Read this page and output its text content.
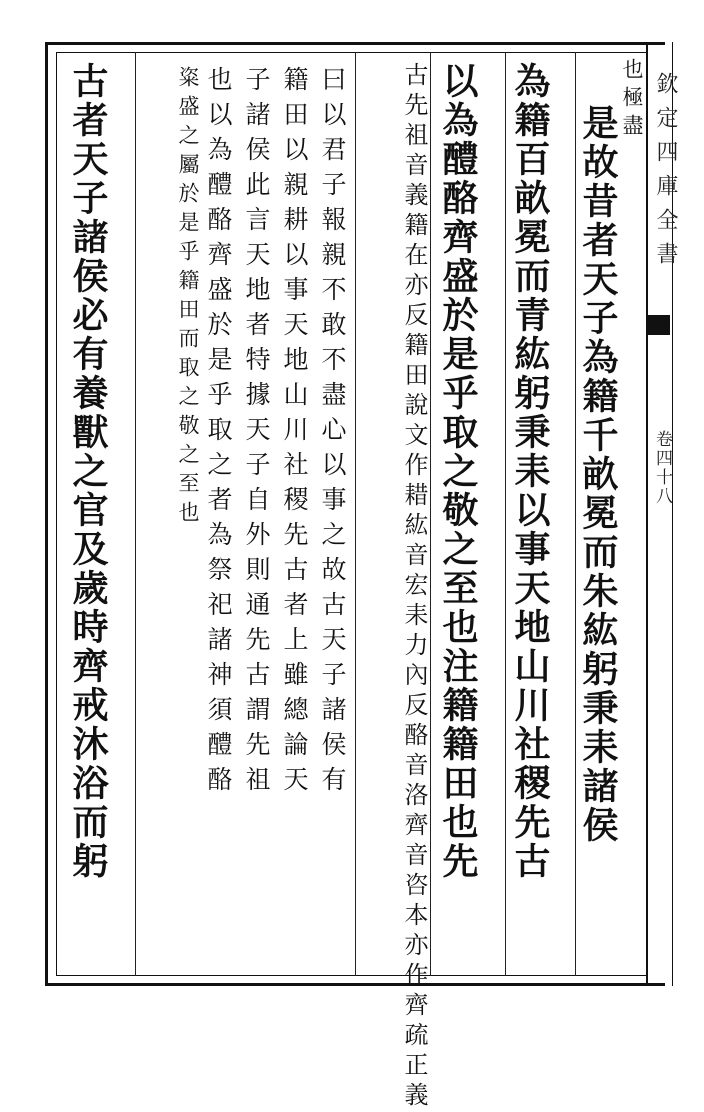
欽定四庫全書
卷四十八
也極盡
是故昔者天子為籍千畝冕而朱紘躬秉耒諸侯
為籍百畝冕而青紘躬秉耒以事天地山川社稷先古
以為醴酪齊盛於是乎取之敬之至也注籍籍田也先
古先祖音義籍在亦反籍田說文作耤紘音宏耒力內反酪音洛齊音咨本亦作齊疏正義
曰以君子報親不敢不盡心以事之故古天子諸侯有
籍田以親耕以事天地山川社稷先古者上雖總論天
子諸侯此言天地者特據天子自外則通先古謂先祖
也以為醴酪齊盛於是乎取之者為祭祀諸神須醴酪
粢盛之屬於是乎籍田而取之敬之至也
古者天子諸侯必有養獸之官及歲時齊戒沐浴而躬
